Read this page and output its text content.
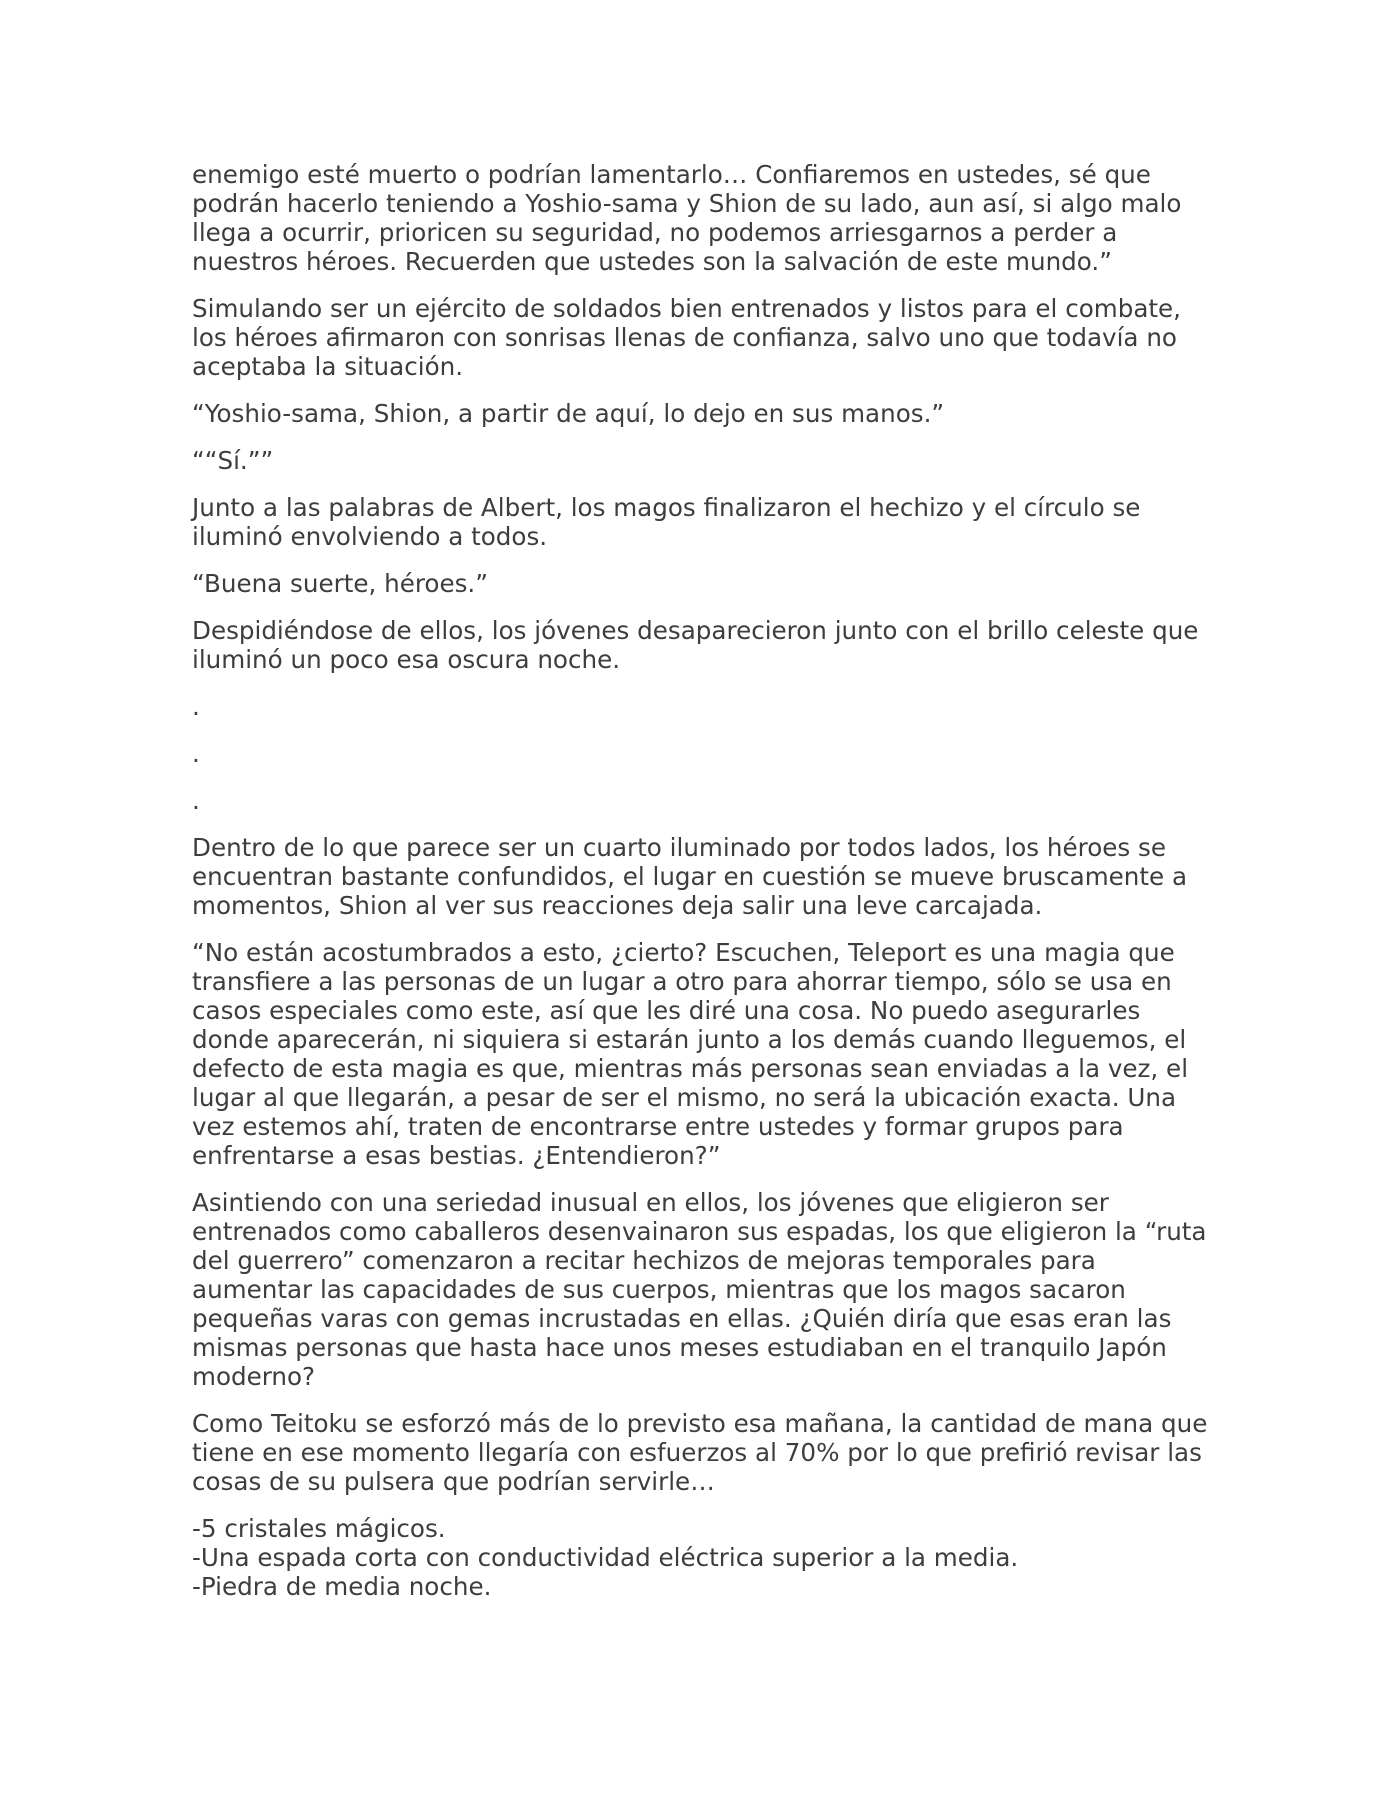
enemigo esté muerto o podrían lamentarlo… Confiaremos en ustedes, sé que podrán hacerlo teniendo a Yoshio-sama y Shion de su lado, aun así, si algo malo llega a ocurrir, prioricen su seguridad, no podemos arriesgarnos a perder a nuestros héroes. Recuerden que ustedes son la salvación de este mundo.”

Simulando ser un ejército de soldados bien entrenados y listos para el combate, los héroes afirmaron con sonrisas llenas de confianza, salvo uno que todavía no aceptaba la situación.

“Yoshio-sama, Shion, a partir de aquí, lo dejo en sus manos.”

““Sí.””

Junto a las palabras de Albert, los magos finalizaron el hechizo y el círculo se iluminó envolviendo a todos.

“Buena suerte, héroes.”

Despidiéndose de ellos, los jóvenes desaparecieron junto con el brillo celeste que iluminó un poco esa oscura noche.

.

.

.

Dentro de lo que parece ser un cuarto iluminado por todos lados, los héroes se encuentran bastante confundidos, el lugar en cuestión se mueve bruscamente a momentos, Shion al ver sus reacciones deja salir una leve carcajada.

“No están acostumbrados a esto, ¿cierto? Escuchen, Teleport es una magia que transfiere a las personas de un lugar a otro para ahorrar tiempo, sólo se usa en casos especiales como este, así que les diré una cosa. No puedo asegurarles donde aparecerán, ni siquiera si estarán junto a los demás cuando lleguemos, el defecto de esta magia es que, mientras más personas sean enviadas a la vez, el lugar al que llegarán, a pesar de ser el mismo, no será la ubicación exacta. Una vez estemos ahí, traten de encontrarse entre ustedes y formar grupos para enfrentarse a esas bestias. ¿Entendieron?”

Asintiendo con una seriedad inusual en ellos, los jóvenes que eligieron ser entrenados como caballeros desenvainaron sus espadas, los que eligieron la “ruta del guerrero” comenzaron a recitar hechizos de mejoras temporales para aumentar las capacidades de sus cuerpos, mientras que los magos sacaron pequeñas varas con gemas incrustadas en ellas. ¿Quién diría que esas eran las mismas personas que hasta hace unos meses estudiaban en el tranquilo Japón moderno?

Como Teitoku se esforzó más de lo previsto esa mañana, la cantidad de mana que tiene en ese momento llegaría con esfuerzos al 70% por lo que prefirió revisar las cosas de su pulsera que podrían servirle…

-5 cristales mágicos.
-Una espada corta con conductividad eléctrica superior a la media.
-Piedra de media noche.
